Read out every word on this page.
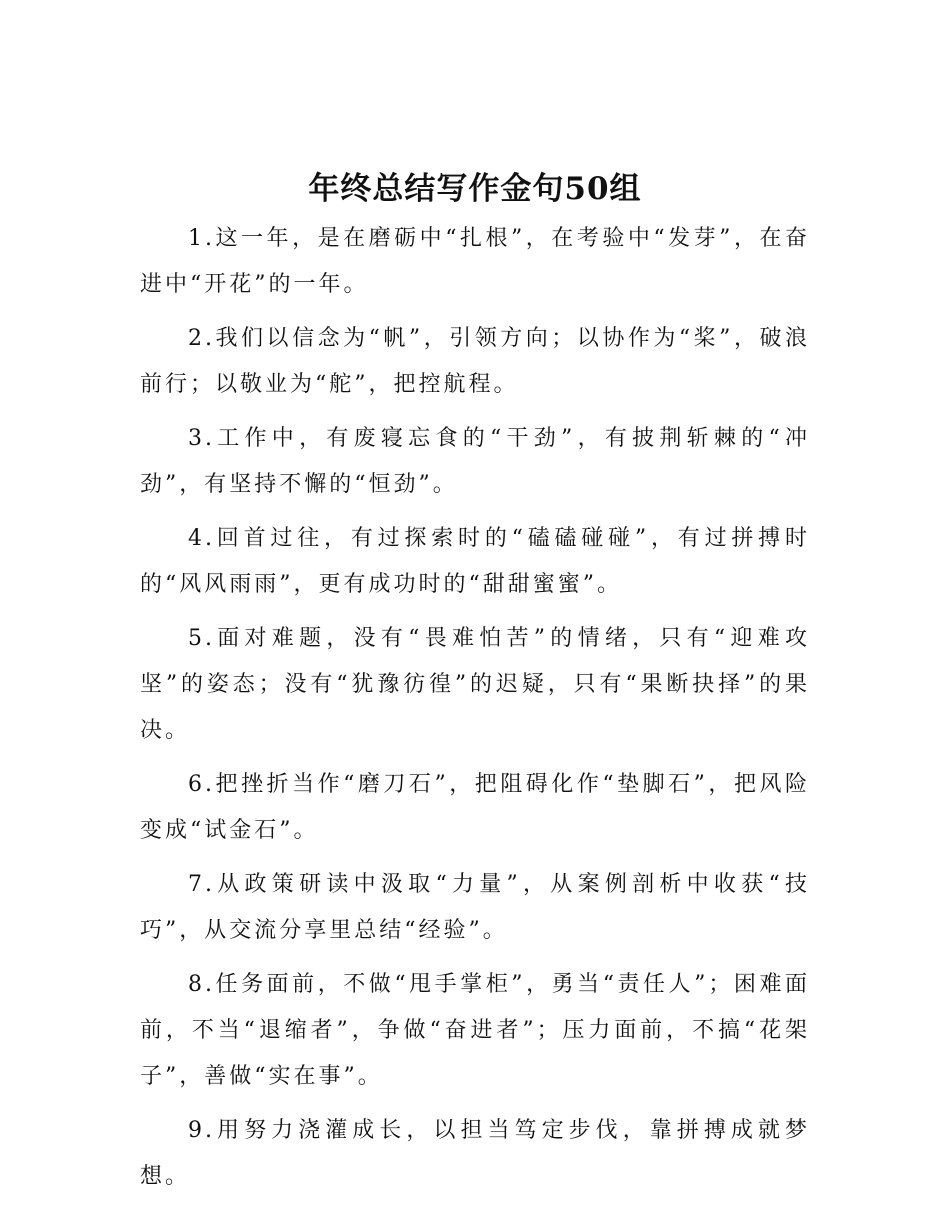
年终总结写作金句50组

1.这一年，是在磨砺中“扎根”，在考验中“发芽”，在奋进中“开花”的一年。

2.我们以信念为“帆”，引领方向；以协作为“桨”，破浪前行；以敬业为“舵”，把控航程。

3.工作中，有废寝忘食的“干劲”，有披荆斩棘的“冲劲”，有坚持不懈的“恒劲”。

4.回首过往，有过探索时的“磕磕碰碰”，有过拼搏时的“风风雨雨”，更有成功时的“甜甜蜜蜜”。

5.面对难题，没有“畏难怕苦”的情绪，只有“迎难攻坚”的姿态；没有“犹豫彷徨”的迟疑，只有“果断抉择”的果决。

6.把挫折当作“磨刀石”，把阻碍化作“垫脚石”，把风险变成“试金石”。

7.从政策研读中汲取“力量”，从案例剖析中收获“技巧”，从交流分享里总结“经验”。

8.任务面前，不做“甩手掌柜”，勇当“责任人”；困难面前，不当“退缩者”，争做“奋进者”；压力面前，不搞“花架子”，善做“实在事”。

9.用努力浇灌成长，以担当笃定步伐，靠拼搏成就梦想。
